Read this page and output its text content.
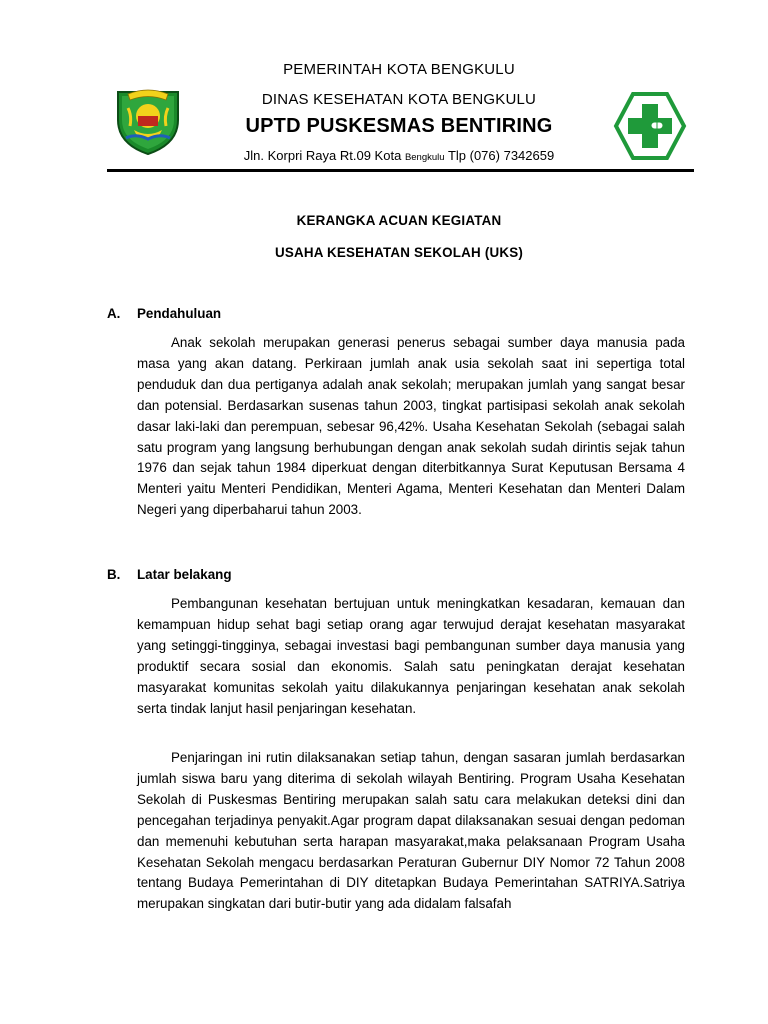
PEMERINTAH KOTA BENGKULU
DINAS KESEHATAN KOTA BENGKULU
UPTD PUSKESMAS BENTIRING
Jln. Korpri Raya Rt.09 Kota Bengkulu Tlp (076) 7342659
KERANGKA ACUAN KEGIATAN
USAHA KESEHATAN SEKOLAH (UKS)
A. Pendahuluan

Anak sekolah merupakan generasi penerus sebagai sumber daya manusia pada masa yang akan datang. Perkiraan jumlah anak usia sekolah saat ini sepertiga total penduduk dan dua pertiganya adalah anak sekolah; merupakan jumlah yang sangat besar dan potensial. Berdasarkan susenas tahun 2003, tingkat partisipasi sekolah anak sekolah dasar laki-laki dan perempuan, sebesar 96,42%. Usaha Kesehatan Sekolah (sebagai salah satu program yang langsung berhubungan dengan anak sekolah sudah dirintis sejak tahun 1976 dan sejak tahun 1984 diperkuat dengan diterbitkannya Surat Keputusan Bersama 4 Menteri yaitu Menteri Pendidikan, Menteri Agama, Menteri Kesehatan dan Menteri Dalam Negeri yang diperbaharui tahun 2003.

B. Latar belakang

Pembangunan kesehatan bertujuan untuk meningkatkan kesadaran, kemauan dan kemampuan hidup sehat bagi setiap orang agar terwujud derajat kesehatan masyarakat yang setinggi-tingginya, sebagai investasi bagi pembangunan sumber daya manusia yang produktif secara sosial dan ekonomis. Salah satu peningkatan derajat kesehatan masyarakat komunitas sekolah yaitu dilakukannya penjaringan kesehatan anak sekolah serta tindak lanjut hasil penjaringan kesehatan.

Penjaringan ini rutin dilaksanakan setiap tahun, dengan sasaran jumlah berdasarkan jumlah siswa baru yang diterima di sekolah wilayah Bentiring. Program Usaha Kesehatan Sekolah di Puskesmas Bentiring merupakan salah satu cara melakukan deteksi dini dan pencegahan terjadinya penyakit.Agar program dapat dilaksanakan sesuai dengan pedoman dan memenuhi kebutuhan serta harapan masyarakat,maka pelaksanaan Program Usaha Kesehatan Sekolah mengacu berdasarkan Peraturan Gubernur DIY Nomor 72 Tahun 2008 tentang Budaya Pemerintahan di DIY ditetapkan Budaya Pemerintahan SATRIYA.Satriya merupakan singkatan dari butir-butir yang ada didalam falsafah
